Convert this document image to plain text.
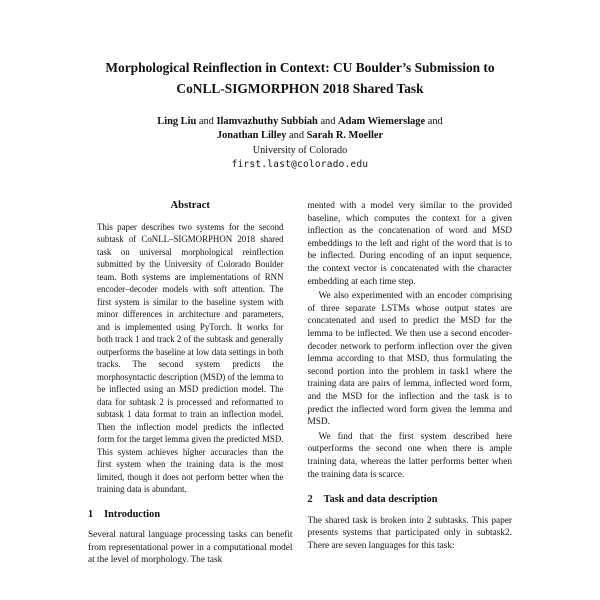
Morphological Reinflection in Context: CU Boulder’s Submission to
CoNLL-SIGMORPHON 2018 Shared Task
Ling Liu and Ilamvazhuthy Subbiah and Adam Wiemerslage and
Jonathan Lilley and Sarah R. Moeller
University of Colorado
first.last@colorado.edu
Abstract

This paper describes two systems for the second subtask of CoNLL–SIGMORPHON 2018 shared task on universal morphological reinflection submitted by the University of Colorado Boulder team. Both systems are implementations of RNN encoder–decoder models with soft attention. The first system is similar to the baseline system with minor differences in architecture and parameters, and is implemented using PyTorch. It works for both track 1 and track 2 of the subtask and generally outperforms the baseline at low data settings in both tracks. The second system predicts the morphosyntactic description (MSD) of the lemma to be inflected using an MSD prediction model. The data for subtask 2 is processed and reformatted to subtask 1 data format to train an inflection model. Then the inflection model predicts the inflected form for the target lemma given the predicted MSD. This system achieves higher accuracies than the first system when the training data is the most limited, though it does not perform better when the training data is abundant.

1 Introduction

Several natural language processing tasks can benefit from representational power in a computational model at the level of morphology. The task

mented with a model very similar to the provided baseline, which computes the context for a given inflection as the concatenation of word and MSD embeddings to the left and right of the word that is to be inflected. During encoding of an input sequence, the context vector is concatenated with the character embedding at each time step.

We also experimented with an encoder comprising of three separate LSTMs whose output states are concatenated and used to predict the MSD for the lemma to be inflected. We then use a second encoder-decoder network to perform inflection over the given lemma according to that MSD, thus formulating the second portion into the problem in task1 where the training data are pairs of lemma, inflected word form, and the MSD for the inflection and the task is to predict the inflected word form given the lemma and MSD.

We find that the first system described here outperforms the second one when there is ample training data, whereas the latter performs better when the training data is scarce.

2 Task and data description

The shared task is broken into 2 subtasks. This paper presents systems that participated only in subtask2. There are seven languages for this task:
